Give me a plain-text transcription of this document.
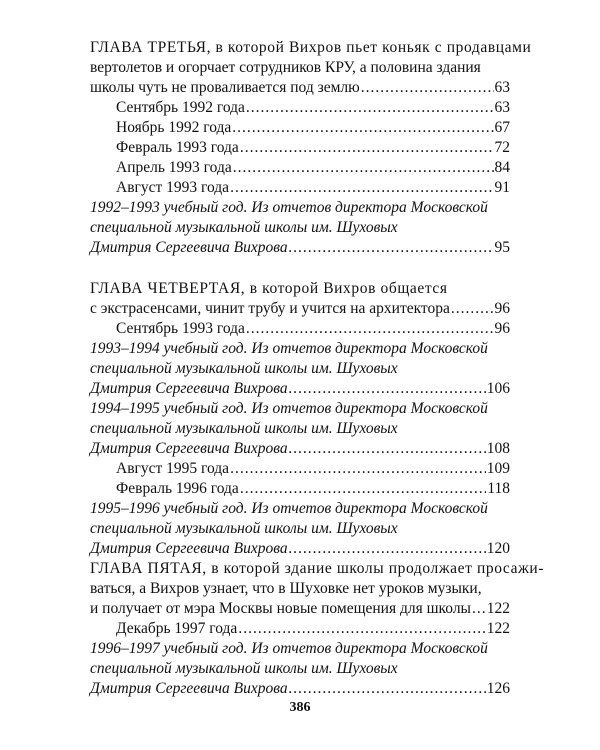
ГЛАВА ТРЕТЬЯ, в которой Вихров пьет коньяк с продавцами
вертолетов и огорчает сотрудников КРУ, а половина здания
школы чуть не проваливается под землю .....	63
Сентябрь 1992 года .....	63
Ноябрь 1992 года .....	67
Февраль 1993 года .....	72
Апрель 1993 года .....	84
Август 1993 года .....	91
1992–1993 учебный год. Из отчетов директора Московской
специальной музыкальной школы им. Шуховых
Дмитрия Сергеевича Вихрова .....	95
ГЛАВА ЧЕТВЕРТАЯ, в которой Вихров общается
с экстрасенсами, чинит трубу и учится на архитектора .....	96
Сентябрь 1993 года .....	96
1993–1994 учебный год. Из отчетов директора Московской
специальной музыкальной школы им. Шуховых
Дмитрия Сергеевича Вихрова .....	106
1994–1995 учебный год. Из отчетов директора Московской
специальной музыкальной школы им. Шуховых
Дмитрия Сергеевича Вихрова .....	108
Август 1995 года .....	109
Февраль 1996 года .....	118
1995–1996 учебный год. Из отчетов директора Московской
специальной музыкальной школы им. Шуховых
Дмитрия Сергеевича Вихрова .....	120
ГЛАВА ПЯТАЯ, в которой здание школы продолжает просажи-
ваться, а Вихров узнает, что в Шуховке нет уроков музыки,
и получает от мэра Москвы новые помещения для школы ..... 122
Декабрь 1997 года .....	122
1996–1997 учебный год. Из отчетов директора Московской
специальной музыкальной школы им. Шуховых
Дмитрия Сергеевича Вихрова .....	126
386
